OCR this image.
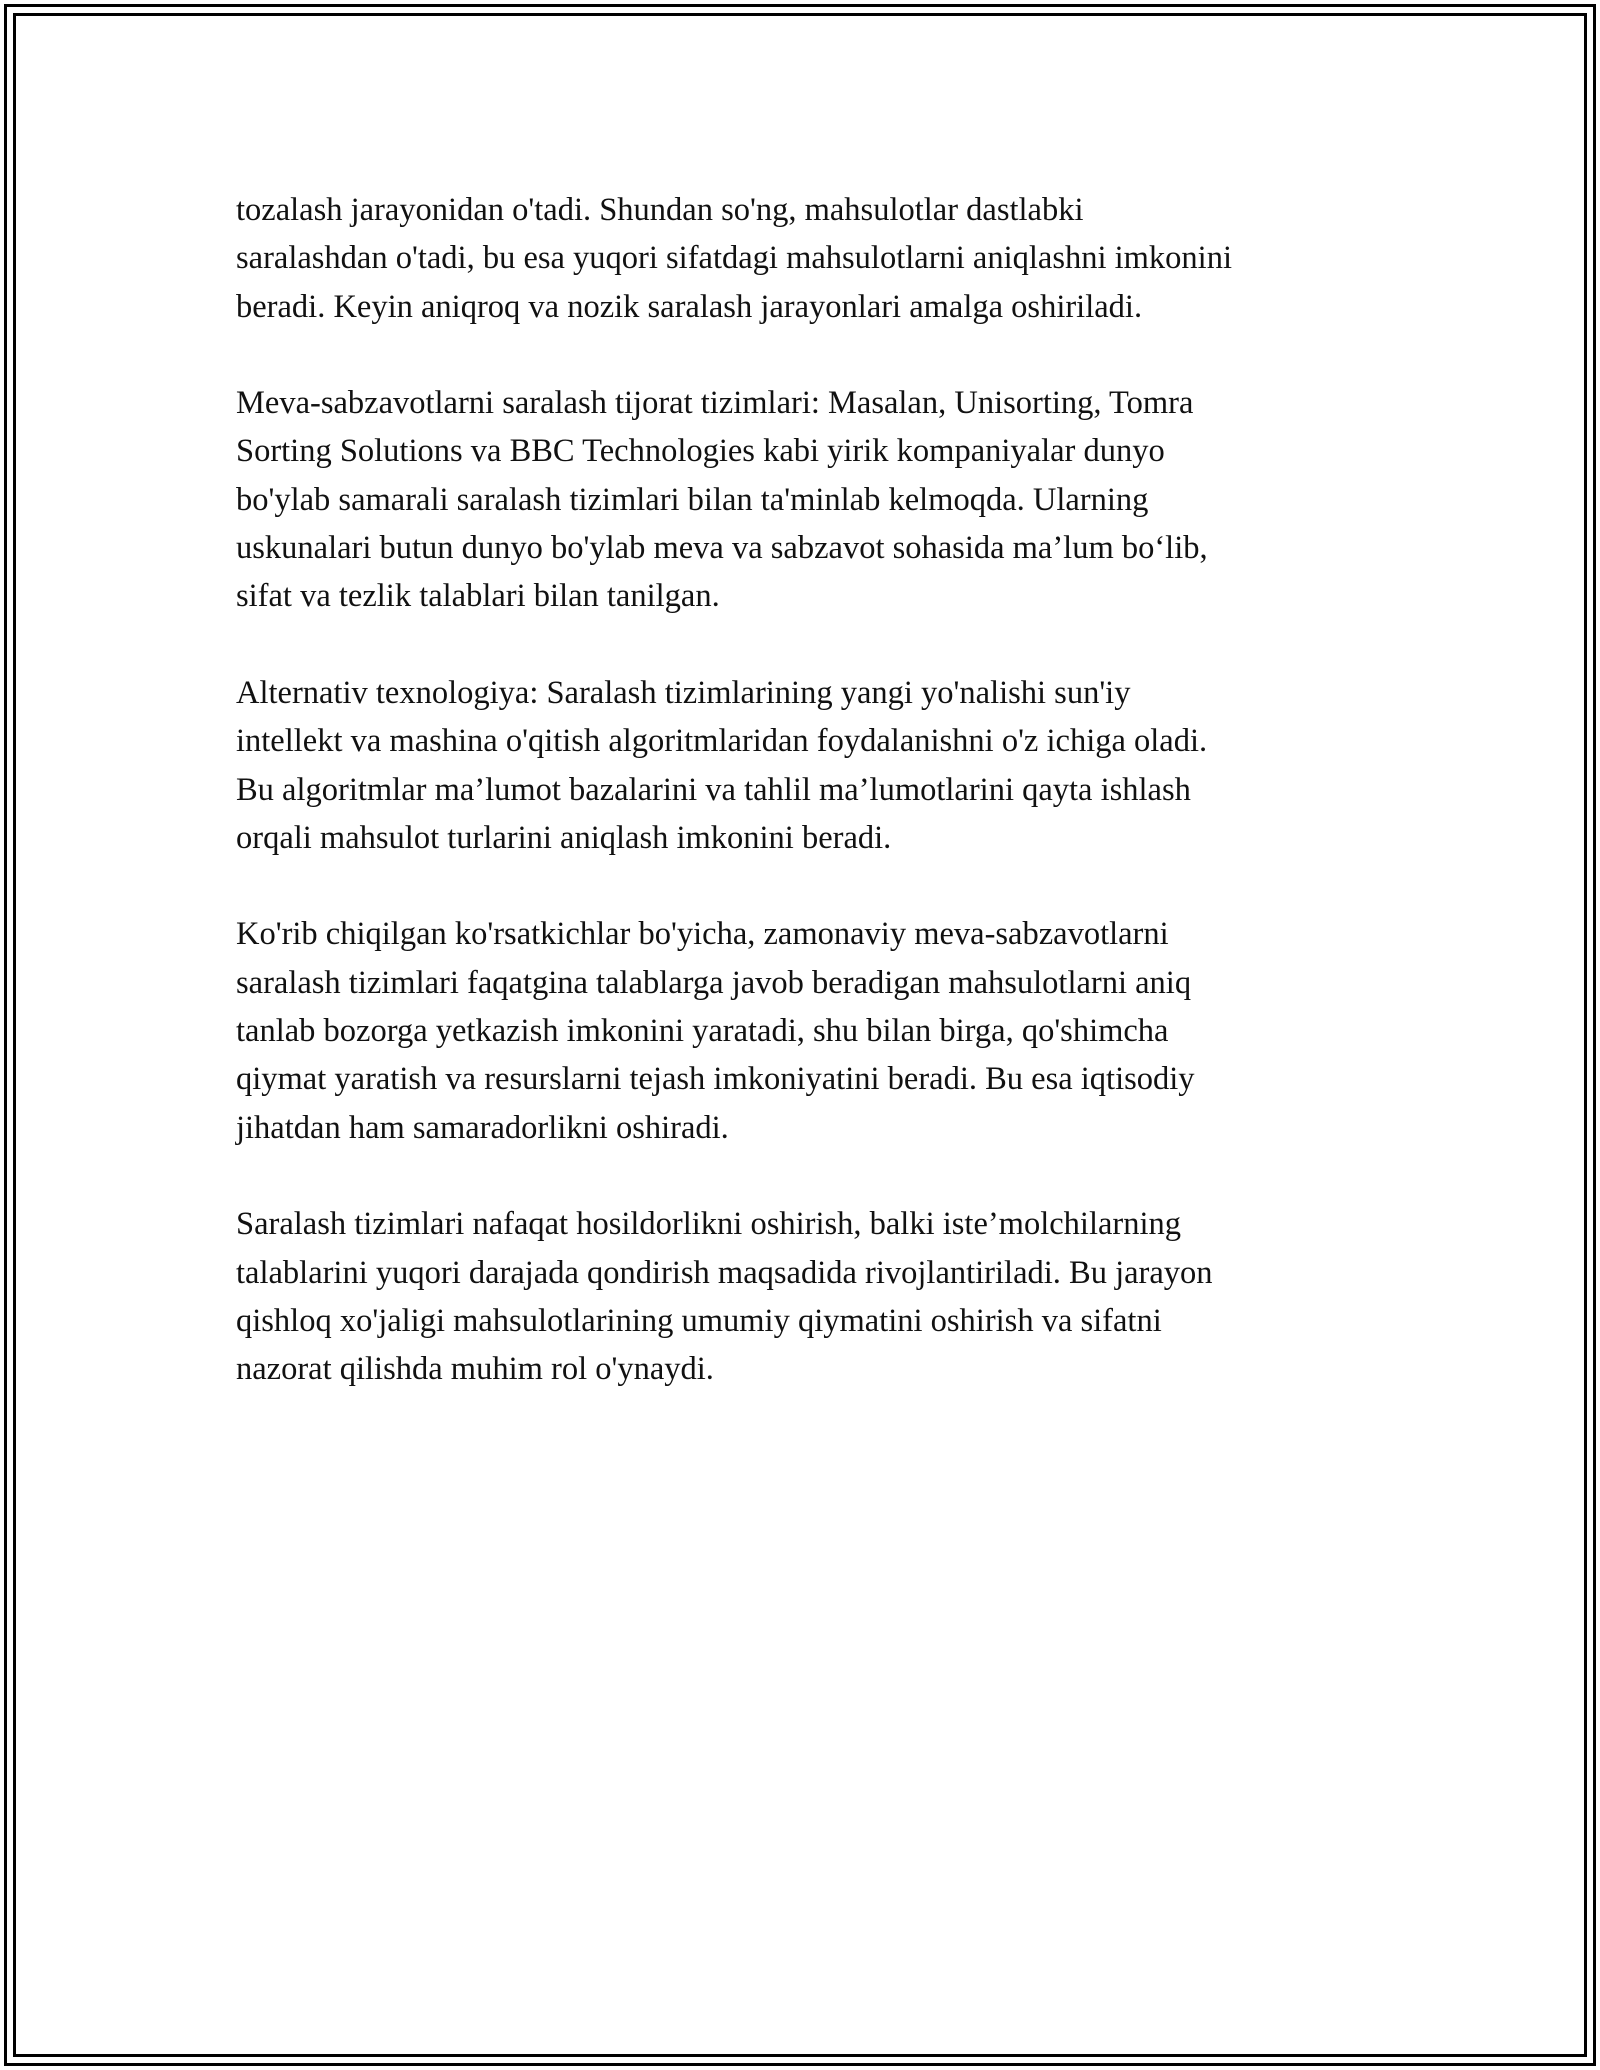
tozalash jarayonidan o'tadi. Shundan so'ng, mahsulotlar dastlabki
saralashdan o'tadi, bu esa yuqori sifatdagi mahsulotlarni aniqlashni imkonini
beradi. Keyin aniqroq va nozik saralash jarayonlari amalga oshiriladi.

Meva-sabzavotlarni saralash tijorat tizimlari: Masalan, Unisorting, Tomra
Sorting Solutions va BBC Technologies kabi yirik kompaniyalar dunyo
bo'ylab samarali saralash tizimlari bilan ta'minlab kelmoqda. Ularning
uskunalari butun dunyo bo'ylab meva va sabzavot sohasida ma’lum bo‘lib,
sifat va tezlik talablari bilan tanilgan.

Alternativ texnologiya: Saralash tizimlarining yangi yo'nalishi sun'iy
intellekt va mashina o'qitish algoritmlaridan foydalanishni o'z ichiga oladi.
Bu algoritmlar ma’lumot bazalarini va tahlil ma’lumotlarini qayta ishlash
orqali mahsulot turlarini aniqlash imkonini beradi.

Ko'rib chiqilgan ko'rsatkichlar bo'yicha, zamonaviy meva-sabzavotlarni
saralash tizimlari faqatgina talablarga javob beradigan mahsulotlarni aniq
tanlab bozorga yetkazish imkonini yaratadi, shu bilan birga, qo'shimcha
qiymat yaratish va resurslarni tejash imkoniyatini beradi. Bu esa iqtisodiy
jihatdan ham samaradorlikni oshiradi.

Saralash tizimlari nafaqat hosildorlikni oshirish, balki iste’molchilarning
talablarini yuqori darajada qondirish maqsadida rivojlantiriladi. Bu jarayon
qishloq xo'jaligi mahsulotlarining umumiy qiymatini oshirish va sifatni
nazorat qilishda muhim rol o'ynaydi.
